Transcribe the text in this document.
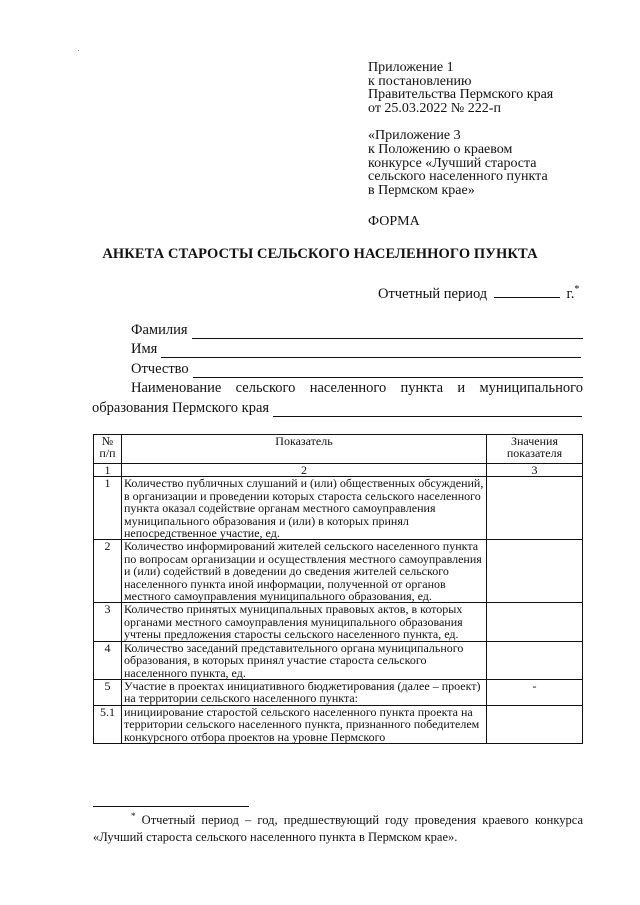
Приложение 1
к постановлению
Правительства Пермского края
от 25.03.2022 № 222-п
«Приложение 3
к Положению о краевом
конкурсе «Лучший староста
сельского населенного пункта
в Пермском крае»
ФОРМА
АНКЕТА СТАРОСТЫ СЕЛЬСКОГО НАСЕЛЕННОГО ПУНКТА
Отчетный период	г.*
Фамилия
Имя
Отчество
Наименование сельского населенного пункта и муниципального
образования Пермского края
№
п/п	Показатель	Значения
показателя
1	2	3
1	Количество публичных слушаний и (или) общественных обсуждений, в организации и проведении которых староста сельского населенного пункта оказал содействие органам местного самоуправления муниципального образования и (или) в которых принял непосредственное участие, ед.	
2	Количество информирований жителей сельского населенного пункта по вопросам организации и осуществления местного самоуправления и (или) содействий в доведении до сведения жителей сельского населенного пункта иной информации, полученной от органов местного самоуправления муниципального образования, ед.	
3	Количество принятых муниципальных правовых актов, в которых органами местного самоуправления муниципального образования учтены предложения старосты сельского населенного пункта, ед.	
4	Количество заседаний представительного органа муниципального образования, в которых принял участие староста сельского населенного пункта, ед.	
5	Участие в проектах инициативного бюджетирования (далее – проект) на территории сельского населенного пункта:	-
5.1	инициирование старостой сельского населенного пункта проекта на территории сельского населенного пункта, признанного победителем конкурсного отбора проектов на уровне Пермского	
* Отчетный период – год, предшествующий году проведения краевого конкурса
«Лучший староста сельского населенного пункта в Пермском крае».
